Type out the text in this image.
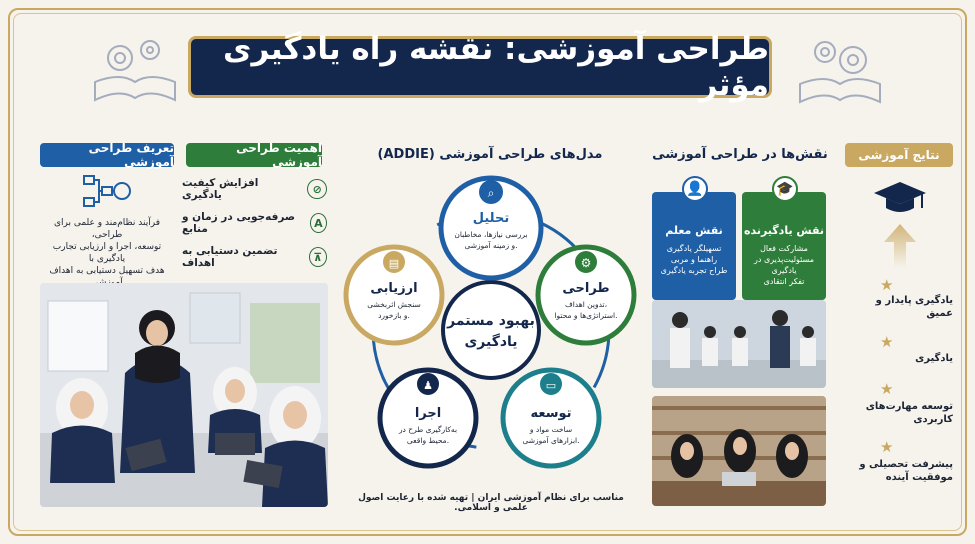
طراحی آموزشی: نقشه راه یادگیری مؤثر
تعریف طراحی آموزشی
فرآیند نظام‌مند و علمی برای طراحی،
توسعه، اجرا و ارزیابی تجارب یادگیری با
هدف تسهیل دستیابی به اهداف
اهمیت طراحی آموزشی
افزایش کیفیت یادگیری	⊘
صرفه‌جویی در زمان و منابع	A
تضمین دستیابی به اهداف	⊼
مدل‌های طراحی آموزشی (ADDIE)
بهبود مستمر
یادگیری
⌕
تحلیل
بررسی نیازها، مخاطبان
و زمینه آموزشی.
⚙
طراحی
تدوین اهداف،
استراتژی‌ها و محتوا.
▭
توسعه
ساخت مواد و
ابزارهای آموزشی.
♟
اجرا
به‌کارگیری طرح در
محیط واقعی.
▤
ارزیابی
سنجش اثربخشی
و بازخورد.
مناسب برای نظام آموزشی ایران | تهیه شده با رعایت اصول علمی و اسلامی.
نقش‌ها در طراحی آموزشی
👤
نقش معلم
تسهیلگر یادگیری
راهنما و مربی
طراح تجربه یادگیری
🎓
نقش یادگیرنده
مشارکت فعال
مسئولیت‌پذیری در یادگیری
تفکر انتقادی
نتایج آموزشی
★
یادگیری پایدار و
عمیق
★
یادگیری
★
توسعه مهارت‌های
کاربردی
★
پیشرفت تحصیلی و
موفقیت آینده
